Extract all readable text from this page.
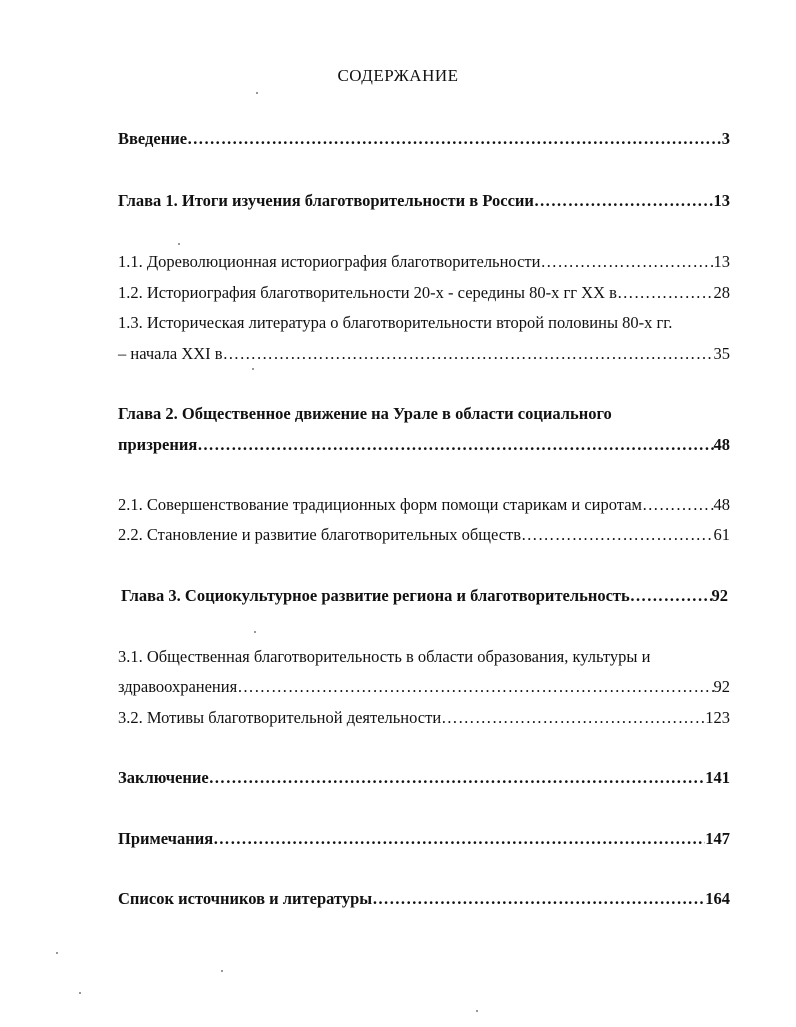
СОДЕРЖАНИЕ
Введение ……………………………………………………………………………………………………………………………………………………………………………………………	3
Глава 1. Итоги изучения благотворительности в России ……………………………………………………………………………………………………………………………………………………………………………………………	13
1.1. Дореволюционная историография благотворительности ……………………………………………………………………………………………………………………………………………………………………………………………	13
1.2. Историография благотворительности 20-х - середины 80-х гг XX в ……………………………………………………………………………………………………………………………………………………………………………………………	28
1.3. Историческая литература о благотворительности второй половины 80-х гг.
– начала XXI в ……………………………………………………………………………………………………………………………………………………………………………………………	35
Глава 2. Общественное движение на Урале в области социального
призрения ……………………………………………………………………………………………………………………………………………………………………………………………	48
2.1. Совершенствование традиционных форм помощи старикам и сиротам ……………………………………………………………………………………………………………………………………………………………………………………………	48
2.2. Становление и развитие благотворительных обществ ……………………………………………………………………………………………………………………………………………………………………………………………	61
Глава 3. Социокультурное развитие региона и благотворительность ……………………………………………………………………………………………………………………………………………………………………………………………	92
3.1. Общественная благотворительность в области образования, культуры и
здравоохранения ……………………………………………………………………………………………………………………………………………………………………………………………	92
3.2. Мотивы благотворительной деятельности ……………………………………………………………………………………………………………………………………………………………………………………………	123
Заключение ……………………………………………………………………………………………………………………………………………………………………………………………	141
Примечания ……………………………………………………………………………………………………………………………………………………………………………………………	147
Список источников и литературы ……………………………………………………………………………………………………………………………………………………………………………………………	164
